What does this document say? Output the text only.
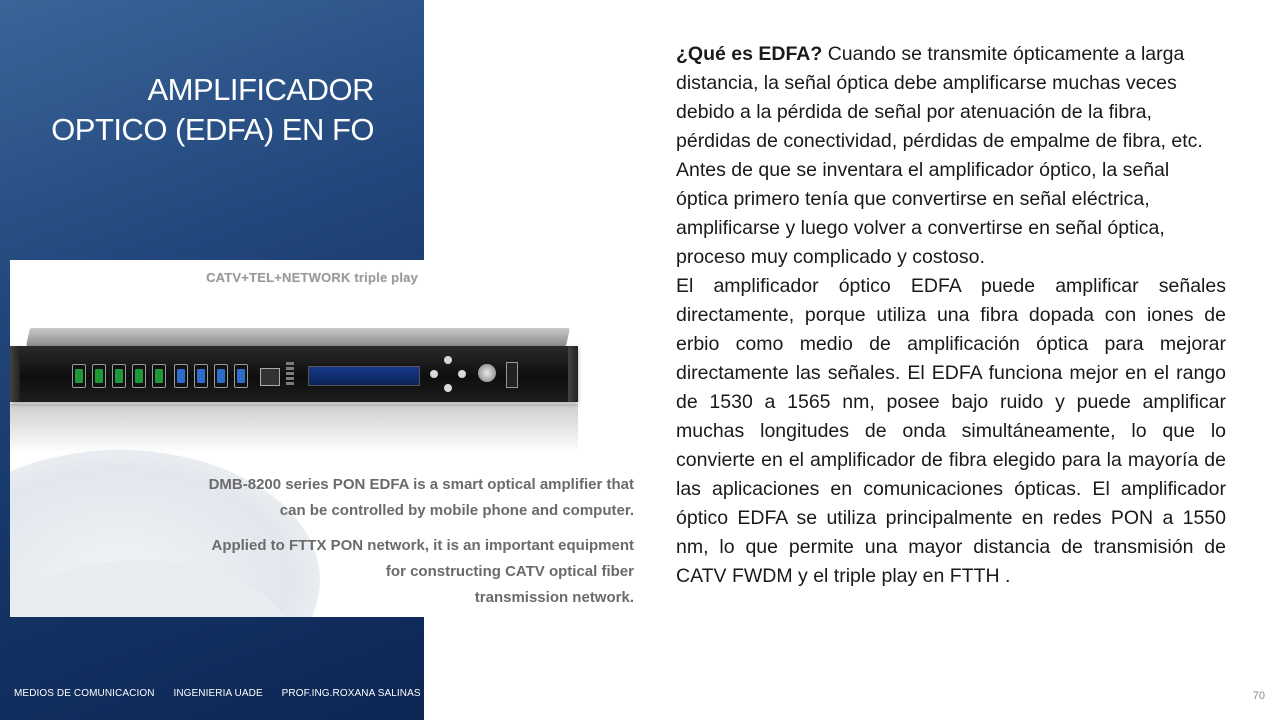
AMPLIFICADOR
OPTICO (EDFA) EN FO
CATV+TEL+NETWORK triple play
DMB-8200 series PON EDFA is a smart optical amplifier that
can be controlled by mobile phone and computer.
Applied to FTTX PON network, it is an important equipment
for constructing CATV optical fiber
transmission network.

¿Qué es EDFA? Cuando se transmite ópticamente a larga distancia, la señal óptica debe amplificarse muchas veces debido a la pérdida de señal por atenuación de la fibra, pérdidas de conectividad, pérdidas de empalme de fibra, etc. Antes de que se inventara el amplificador óptico, la señal óptica primero tenía que convertirse en señal eléctrica, amplificarse y luego volver a convertirse en señal óptica, proceso muy complicado y costoso.

El amplificador óptico EDFA puede amplificar señales directamente, porque utiliza una fibra dopada con iones de erbio como medio de amplificación óptica para mejorar directamente las señales. El EDFA funciona mejor en el rango de 1530 a 1565 nm, posee bajo ruido y puede amplificar muchas longitudes de onda simultáneamente, lo que lo convierte en el amplificador de fibra elegido para la mayoría de las aplicaciones en comunicaciones ópticas. El amplificador óptico EDFA se utiliza principalmente en redes PON a 1550 nm, lo que permite una mayor distancia de transmisión de CATV FWDM y el triple play en FTTH .

MEDIOS DE COMUNICACION INGENIERIA UADE PROF.ING.ROXANA SALINAS	70
